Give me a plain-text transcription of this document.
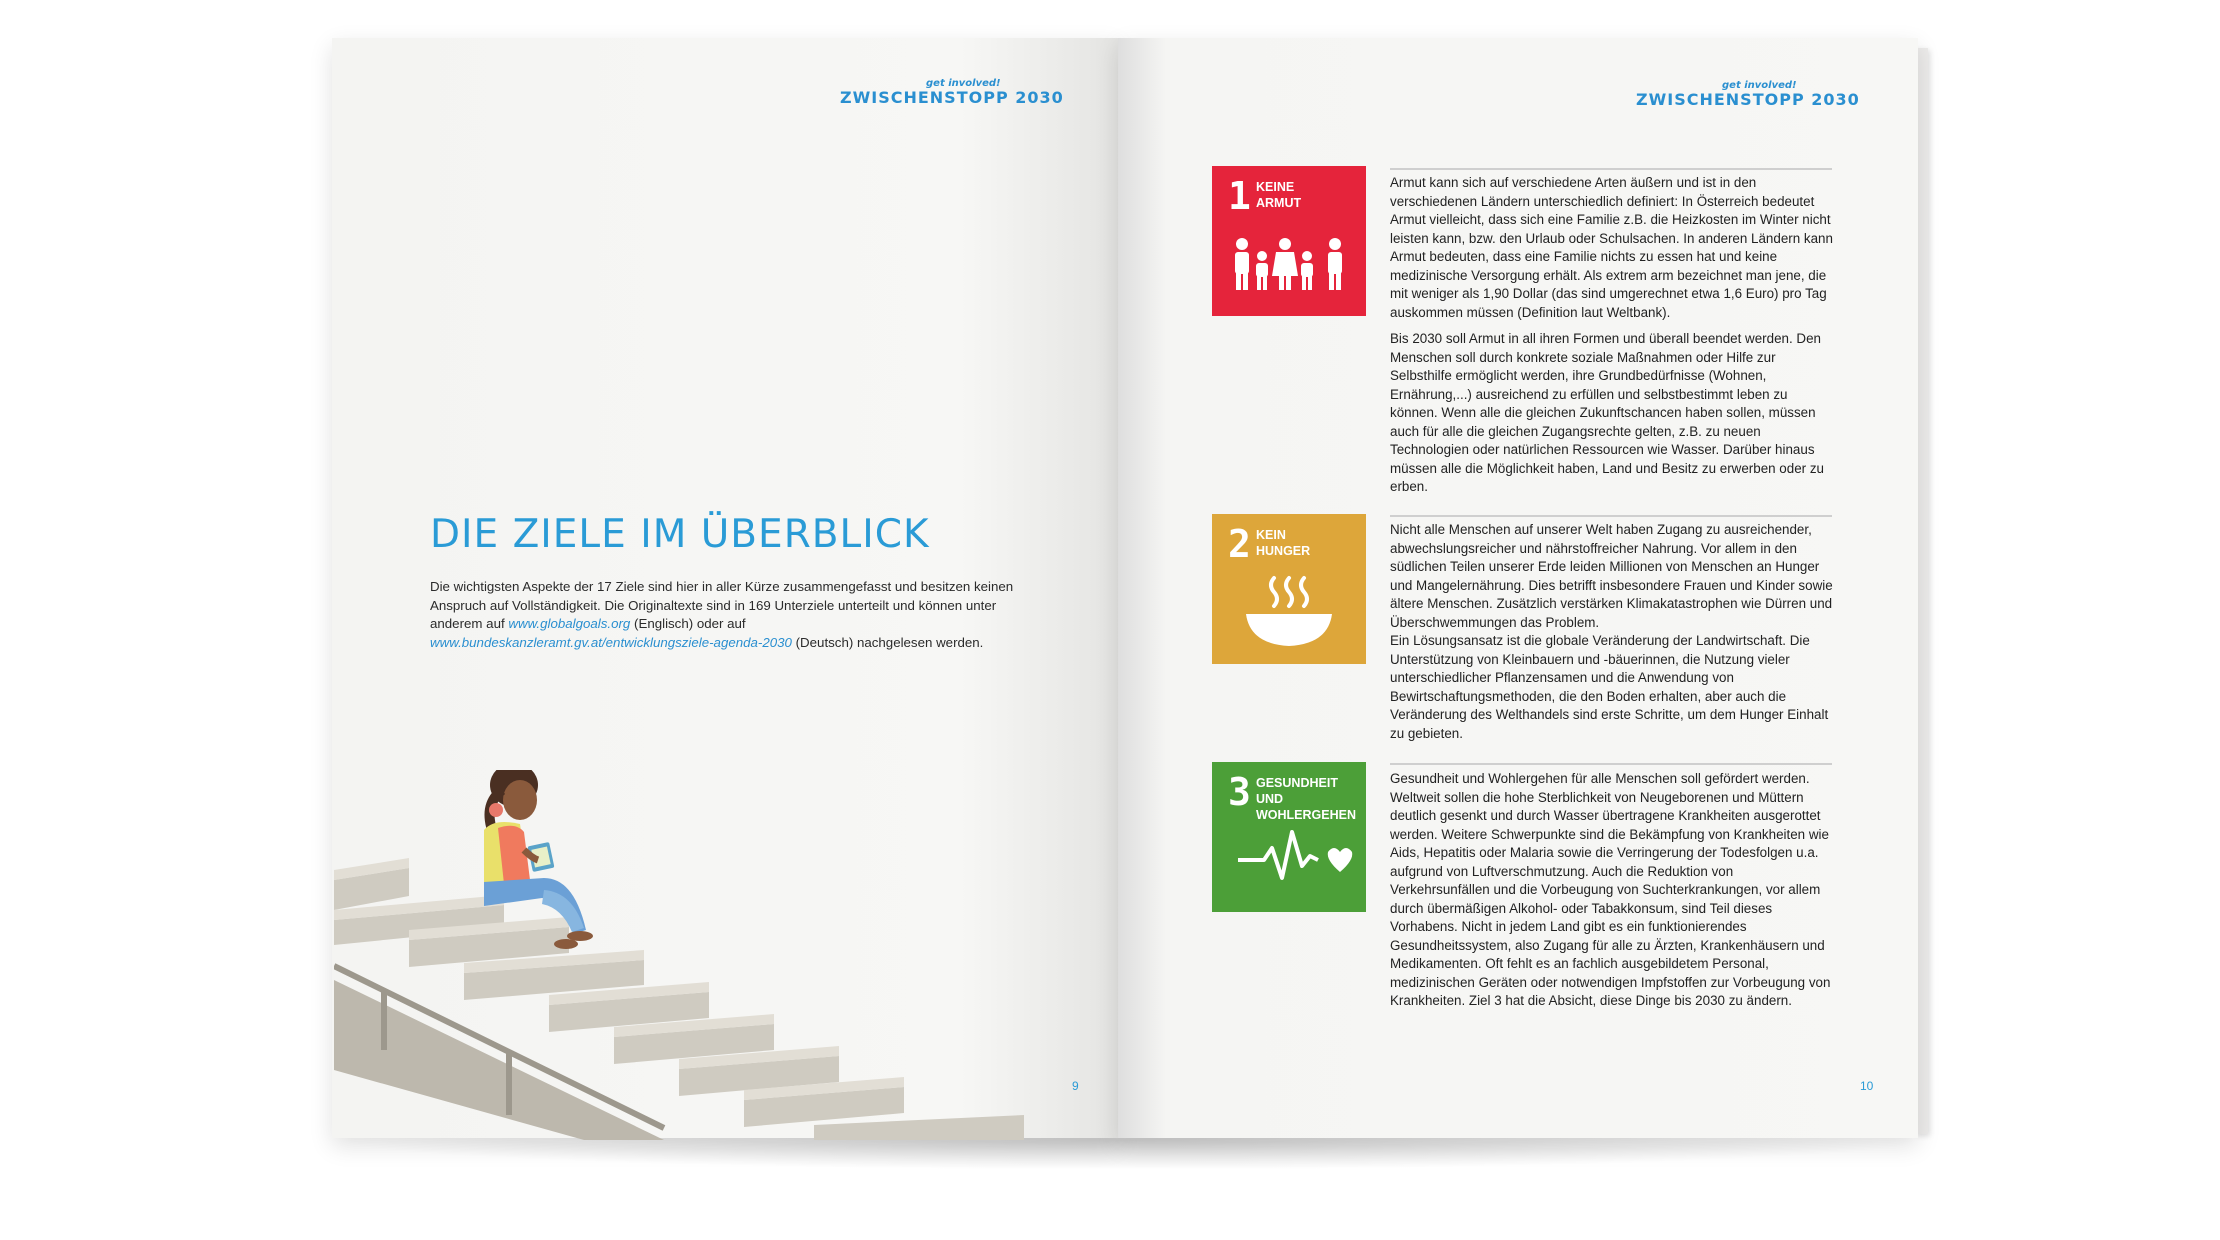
get involved!
ZWISCHENSTOPP 2030
DIE ZIELE IM ÜBERBLICK
Die wichtigsten Aspekte der 17 Ziele sind hier in aller Kürze zusammengefasst und besitzen keinen Anspruch auf Vollständigkeit. Die Originaltexte sind in 169 Unterziele unterteilt und können unter anderem auf www.globalgoals.org (Englisch) oder auf
www.bundeskanzleramt.gv.at/entwicklungsziele-agenda-2030 (Deutsch) nachgelesen werden.
9
get involved!
ZWISCHENSTOPP 2030
1 KEINE
ARMUT

Armut kann sich auf verschiedene Arten äußern und ist in den verschiedenen Ländern unterschiedlich definiert: In Österreich bedeutet Armut vielleicht, dass sich eine Familie z.B. die Heizkosten im Winter nicht leisten kann, bzw. den Urlaub oder Schulsachen. In anderen Ländern kann Armut bedeuten, dass eine Familie nichts zu essen hat und keine medizinische Versorgung erhält. Als extrem arm bezeichnet man jene, die mit weniger als 1,90 Dollar (das sind umgerechnet etwa 1,6 Euro) pro Tag auskommen müssen (Definition laut Weltbank).

Bis 2030 soll Armut in all ihren Formen und überall beendet werden. Den Menschen soll durch konkrete soziale Maßnahmen oder Hilfe zur Selbsthilfe ermöglicht werden, ihre Grundbedürfnisse (Wohnen, Ernährung,...) ausreichend zu erfüllen und selbstbestimmt leben zu können. Wenn alle die gleichen Zukunftschancen haben sollen, müssen auch für alle die gleichen Zugangsrechte gelten, z.B. zu neuen Technologien oder natürlichen Ressourcen wie Wasser. Darüber hinaus müssen alle die Möglichkeit haben, Land und Besitz zu erwerben oder zu erben.

2 KEIN
HUNGER

Nicht alle Menschen auf unserer Welt haben Zugang zu ausreichender, abwechslungsreicher und nährstoffreicher Nahrung. Vor allem in den südlichen Teilen unserer Erde leiden Millionen von Menschen an Hunger und Mangelernährung. Dies betrifft insbesondere Frauen und Kinder sowie ältere Menschen. Zusätzlich verstärken Klimakatastrophen wie Dürren und Überschwemmungen das Problem.

Ein Lösungsansatz ist die globale Veränderung der Landwirtschaft. Die Unterstützung von Kleinbauern und -bäuerinnen, die Nutzung vieler unterschiedlicher Pflanzensamen und die Anwendung von Bewirtschaftungsmethoden, die den Boden erhalten, aber auch die Veränderung des Welthandels sind erste Schritte, um dem Hunger Einhalt zu gebieten.

3 GESUNDHEIT UND
WOHLERGEHEN

Gesundheit und Wohlergehen für alle Menschen soll gefördert werden. Weltweit sollen die hohe Sterblichkeit von Neugeborenen und Müttern deutlich gesenkt und durch Wasser übertragene Krankheiten ausgerottet werden. Weitere Schwerpunkte sind die Bekämpfung von Krankheiten wie Aids, Hepatitis oder Malaria sowie die Verringerung der Todesfolgen u.a. aufgrund von Luftverschmutzung. Auch die Reduktion von Verkehrsunfällen und die Vorbeugung von Suchterkrankungen, vor allem durch übermäßigen Alkohol- oder Tabakkonsum, sind Teil dieses Vorhabens. Nicht in jedem Land gibt es ein funktionierendes Gesundheitssystem, also Zugang für alle zu Ärzten, Krankenhäusern und Medikamenten. Oft fehlt es an fachlich ausgebildetem Personal, medizinischen Geräten oder notwendigen Impfstoffen zur Vorbeugung von Krankheiten. Ziel 3 hat die Absicht, diese Dinge bis 2030 zu ändern.

10
